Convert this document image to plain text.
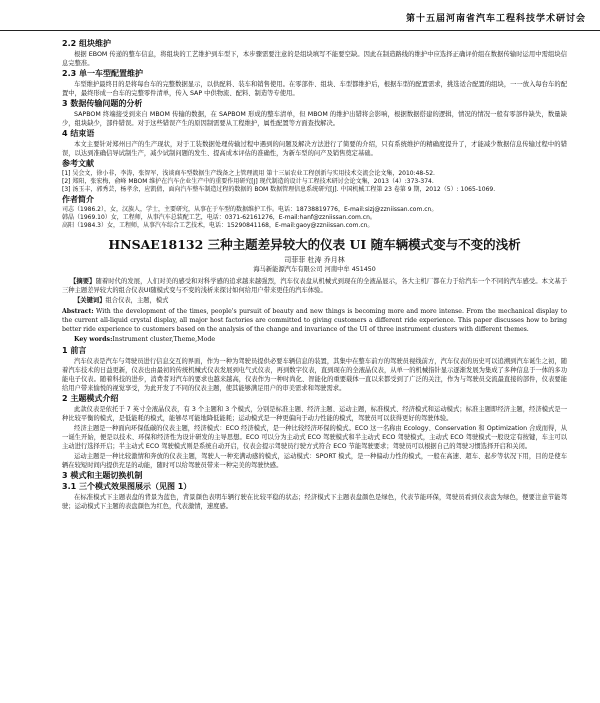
第十五届河南省汽车工程科技学术研讨会
2.2 组块维护

根据 EBOM 传递的整车信息，将组块的工艺维护到车型下，本步骤需要注意的是组块填写不能要空缺。因此在制造路线的维护中应选择正确评价组在数据传输时运用中需组块信息完整准。

2.3 单一车型配置维护

车型维护最终目的是将每台车的完整数据显示，以供配料、装车和销售使用。在零部件、组块、车型都维护后，根据车型的配置需求，挑选适合配置的组块，一一放入每台车的配置中，最终形成一台车的完整零件清单，传入 SAP 中供物流、配料、制造等专使用。

3 数据传输问题的分析

SAPBOM 终端接受到来自 MBOM 传输的数据，在 SAPBOM 形成的整车清单，但 MBOM 的维护出错将会影响，根据数据搭建的逻辑，情况的情况一般有零部件缺失，数量缺少，组块缺少，部件错误。对于这些错误产生的原因制需要从工程维护，属性配置等方面查找解决。

4 结束语

本文主要针对郑州日产的生产现状，对于工装数据处理传输过程中遇到的问题及解决方法进行了简要的介绍，只有系统维护的精确度提升了，才能减少数据信息传输过程中的错误，以达到准确信导试制生产，减少试制问题的发生、提高成本评估的准确性，为新车型的问产及销售奠定基础。

参考文献

[1] 吴会文，徐小非，李涛，张智军，浅谈商车型数据生产线备之上管理流用 第十三届农业工程创新与实用技术交流会论文集，2010:48-52.

[2] 郑阳，张宏梅，俞峰 MBOM 维护在汽车企业生产中的重要作用研究[J] 现代制造的设计与工程技术研讨会论文集，2013（4）:373-374.

[3] 汤玉丰，郭秀芸，杨孝余，应凯倩，面向汽车整车制造过程的数据的 BOM 数据管理信息系统研究[J]. 中国机械工程第 23 卷第 9 期，2012（5）: 1065-1069.

作者简介

司志（1986.2），女，汉族人，学士，主要研究，从事在于车型的数据维护工作。电话：18738819776，E-mail:sizj@zzniissan.com.cn。

韩晶（1969.10）女，工程师，从事汽车总装配工艺，电话：0371-62161276，E-mail:hanf@zzniissan.com.cn。

高阳（1984.3）女，工程师，从事汽车综合工艺技术，电话：15290841168，E-mail:gaoy@zzniissan.com.cn。

HNSAE18132 三种主题差异较大的仪表 UI 随车辆模式变与不变的浅析

司菲菲 杜涛 乔月林

海马新能源汽车有限公司 河南中牟 451450

【摘要】随着时代的发展，人们对美的感受和对科学感的追求越来越强烈，汽车仪表盘从机械式到现在的全液晶显示，各大主机厂都在力于给汽车一个不同的汽车感受。本文基于三种主题差异较大的组合仪表UI随模式变与不变的浅析来探讨如何给用户带来更佳的汽车体验。

【关键词】组合仪表，主题，模式

Abstract: With the development of the times, people's pursuit of beauty and new things is becoming more and more intense. From the mechanical display to the current all-liquid crystal display, all major host factories are committed to giving customers a different ride experience. This paper discusses how to bring better ride experience to customers based on the analysis of the change and invariance of the UI of three instrument clusters with different themes.

Key words:Instrument cluster,Theme,Mode

1 前言

汽车仪表是汽车与驾驶员进行信息交互的界面，作为一种为驾驶员提供必要车辆信息的装置，其集中在整车前方的驾驶员视线前方，汽车仪表的历史可以追溯到汽车诞生之初，随着汽车技术的日益更新，仪表也由最初的传统机械式仪表发展到电气式仪表，再到数字仪表，直到现在的全液晶仪表，从单一的机械指针显示逐渐发展为集成了多种信息于一体的多功能电子仪表。随着科技的进步，消费者对汽车的要求也越来越高，仪表作为一种时尚化、智能化的重要载体一直以来都受到了广泛的关注，作为与驾驶员交流最直接的部件，仪表要能给用户带来愉悦的视觉享受，为此开发了不同的仪表主题，使其能够满足用户的审美需求和驾驶需求。

2 主题模式介绍

此款仪表是依托于 7 英寸全液晶仪表，有 3 个主题和 3 个模式，分别是标准主题、经济主题、运动主题，标准模式、经济模式和运动模式；标准主题即经济主题，经济模式是一种比较平衡的模式，是低能耗的模式，能够尽可能地降低能耗；运动模式是一种更偏向于动力性能的模式，驾驶员可以获得更好的驾驶体验。

经济主题是一种面向环保低碳的仪表主题，经济模式：ECO 经济模式，是一种比较经济环保的模式。ECO 这一名称由 Ecology、Conservation 和 Optimization 合成而得，从一诞生开始，便是以技术、环保和经济性为设计研发的主导思想。ECO 可以分为主动式 ECO 驾驶模式和半主动式 ECO 驾驶模式，主动式 ECO 驾驶模式一般设定有按键，车主可以主动进行选择开启；半主动式 ECO 驾驶模式则是系统自动开启，仪表会提示驾驶员行驶方式符合 ECO 节能驾驶要求；驾驶员可以根据自己的驾驶习惯选择开启和关闭。

运动主题是一种比较激情和奔放的仪表主题，驾驶人一种充满动感的模式，运动模式：SPORT 模式，是一种偏动力性的模式，一般在高速、超车、起步等状况下用，目的是使车辆在较短时间内提供充足的动能，随时可以给驾驶员带来一种完美的驾驶快感。

3 模式和主题切换机制
3.1 三个模式效果图展示（见图 1）

在标准模式下主题表盘的背景为蓝色，背景颜色表明车辆行驶在比较平稳的状态；经济模式下主题表盘颜色是绿色，代表节能环保，驾驶员看到仪表盘为绿色，便要注意节能驾驶；运动模式下主题的表盘颜色为红色，代表激情，速度感。
